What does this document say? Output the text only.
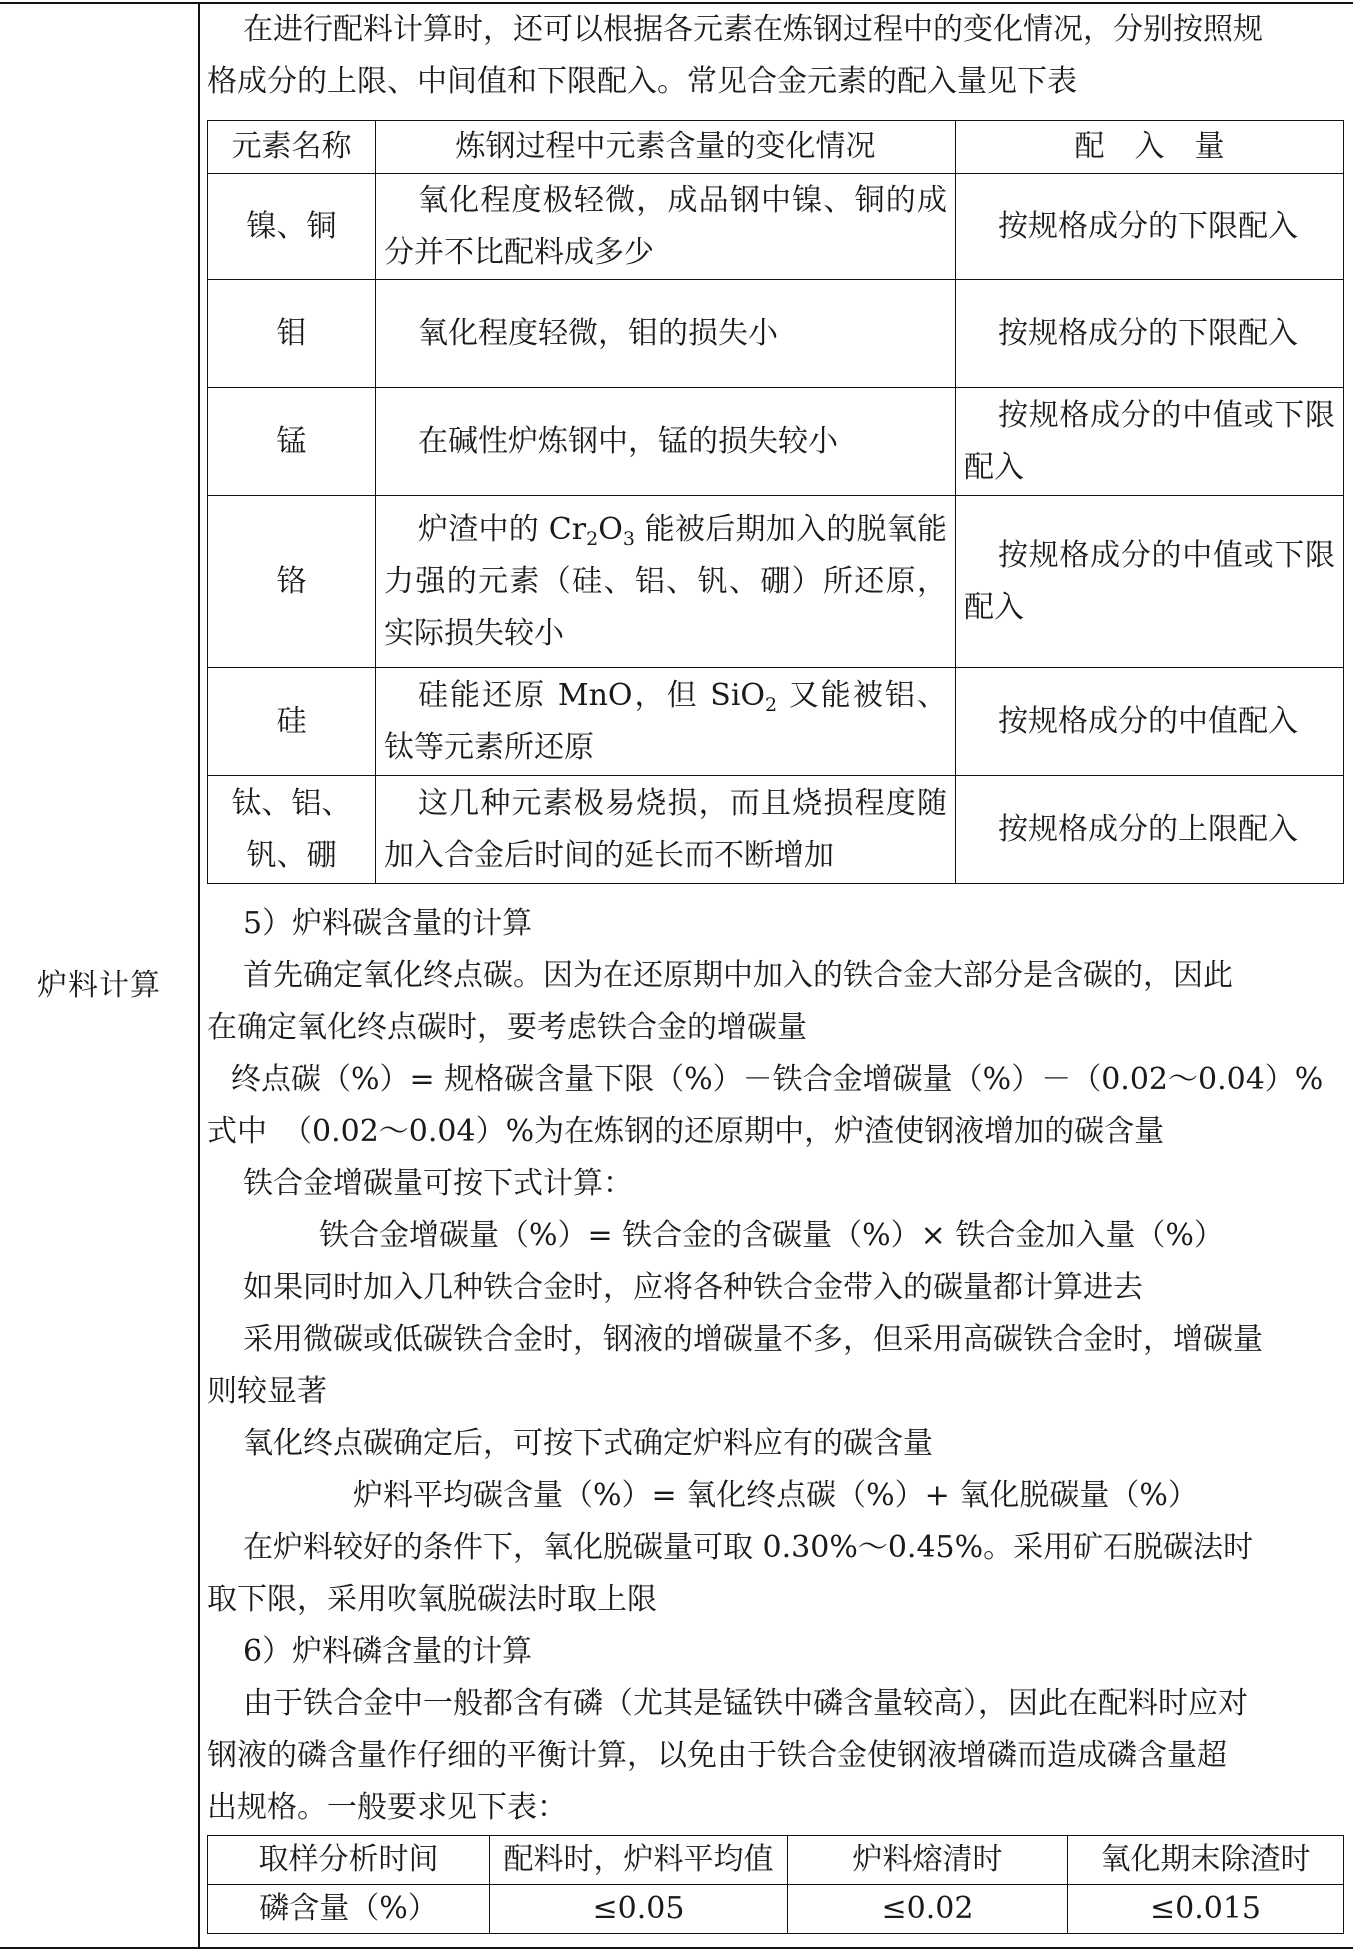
炉料计算

在进行配料计算时，还可以根据各元素在炼钢过程中的变化情况，分别按照规

格成分的上限、中间值和下限配入。常见合金元素的配入量见下表

元素名称	炼钢过程中元素含量的变化情况	配　入　量
镍、铜	氧化程度极轻微，成品钢中镍、铜的成分并不比配料成多少	按规格成分的下限配入
钼	氧化程度轻微，钼的损失小	按规格成分的下限配入
锰	在碱性炉炼钢中，锰的损失较小	按规格成分的中值或下限配入
铬	炉渣中的 $Cr_2O_3$ 能被后期加入的脱氧能力强的元素（硅、铝、钒、硼）所还原，实际损失较小	按规格成分的中值或下限配入
硅	硅能还原 MnO，但 SiO$_2$ 又能被铝、钛等元素所还原	按规格成分的中值配入
钛、铝、钒、硼	这几种元素极易烧损，而且烧损程度随加入合金后时间的延长而不断增加	按规格成分的上限配入

5）炉料碳含量的计算

首先确定氧化终点碳。因为在还原期中加入的铁合金大部分是含碳的，因此

在确定氧化终点碳时，要考虑铁合金的增碳量

终点碳（%）= 规格碳含量下限（%）－铁合金增碳量（%）－（0.02～0.04）%

式中　（0.02～0.04）%为在炼钢的还原期中，炉渣使钢液增加的碳含量

铁合金增碳量可按下式计算：

铁合金增碳量（%）= 铁合金的含碳量（%）× 铁合金加入量（%）

如果同时加入几种铁合金时，应将各种铁合金带入的碳量都计算进去

采用微碳或低碳铁合金时，钢液的增碳量不多，但采用高碳铁合金时，增碳量

则较显著

氧化终点碳确定后，可按下式确定炉料应有的碳含量

炉料平均碳含量（%）= 氧化终点碳（%）+ 氧化脱碳量（%）

在炉料较好的条件下，氧化脱碳量可取 0.30%～0.45%。采用矿石脱碳法时

取下限，采用吹氧脱碳法时取上限

6）炉料磷含量的计算

由于铁合金中一般都含有磷（尤其是锰铁中磷含量较高），因此在配料时应对

钢液的磷含量作仔细的平衡计算，以免由于铁合金使钢液增磷而造成磷含量超

出规格。一般要求见下表：

取样分析时间	配料时，炉料平均值	炉料熔清时	氧化期末除渣时
磷含量（%）	≤0.05	≤0.02	≤0.015
